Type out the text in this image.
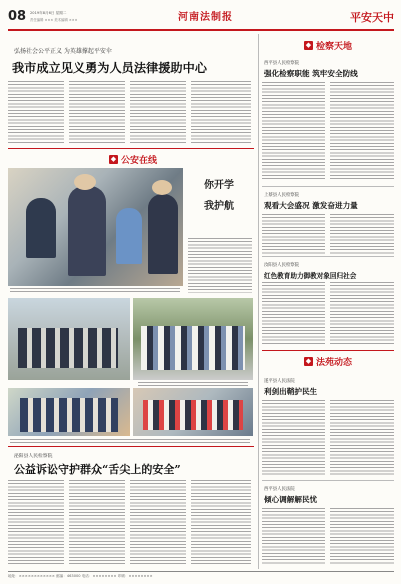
08 2019年8月6日 星期二
责任编辑 ××× 美术编辑 ×××	河南法制报	平安天中
弘扬社会公平正义 为英雄撑起平安伞
我市成立见义勇为人员法律援助中心
◆ 公安在线
你开学
我护航
泌阳县人民检察院
公益诉讼守护群众“舌尖上的安全”
◆ 检察天地
西平县人民检察院
强化检察职能 筑牢安全防线
上蔡县人民检察院
观看大会盛况 激发奋进力量
汝阳县人民检察院
红色教育助力御教对象回归社会
◆ 法苑动态
遂平县人民法院
利剑出鞘护民生
西平县人民法院
倾心调解解民忧
地址：×××××××××××× 邮编：463000 电话：×××××××× 印刷：××××××××
